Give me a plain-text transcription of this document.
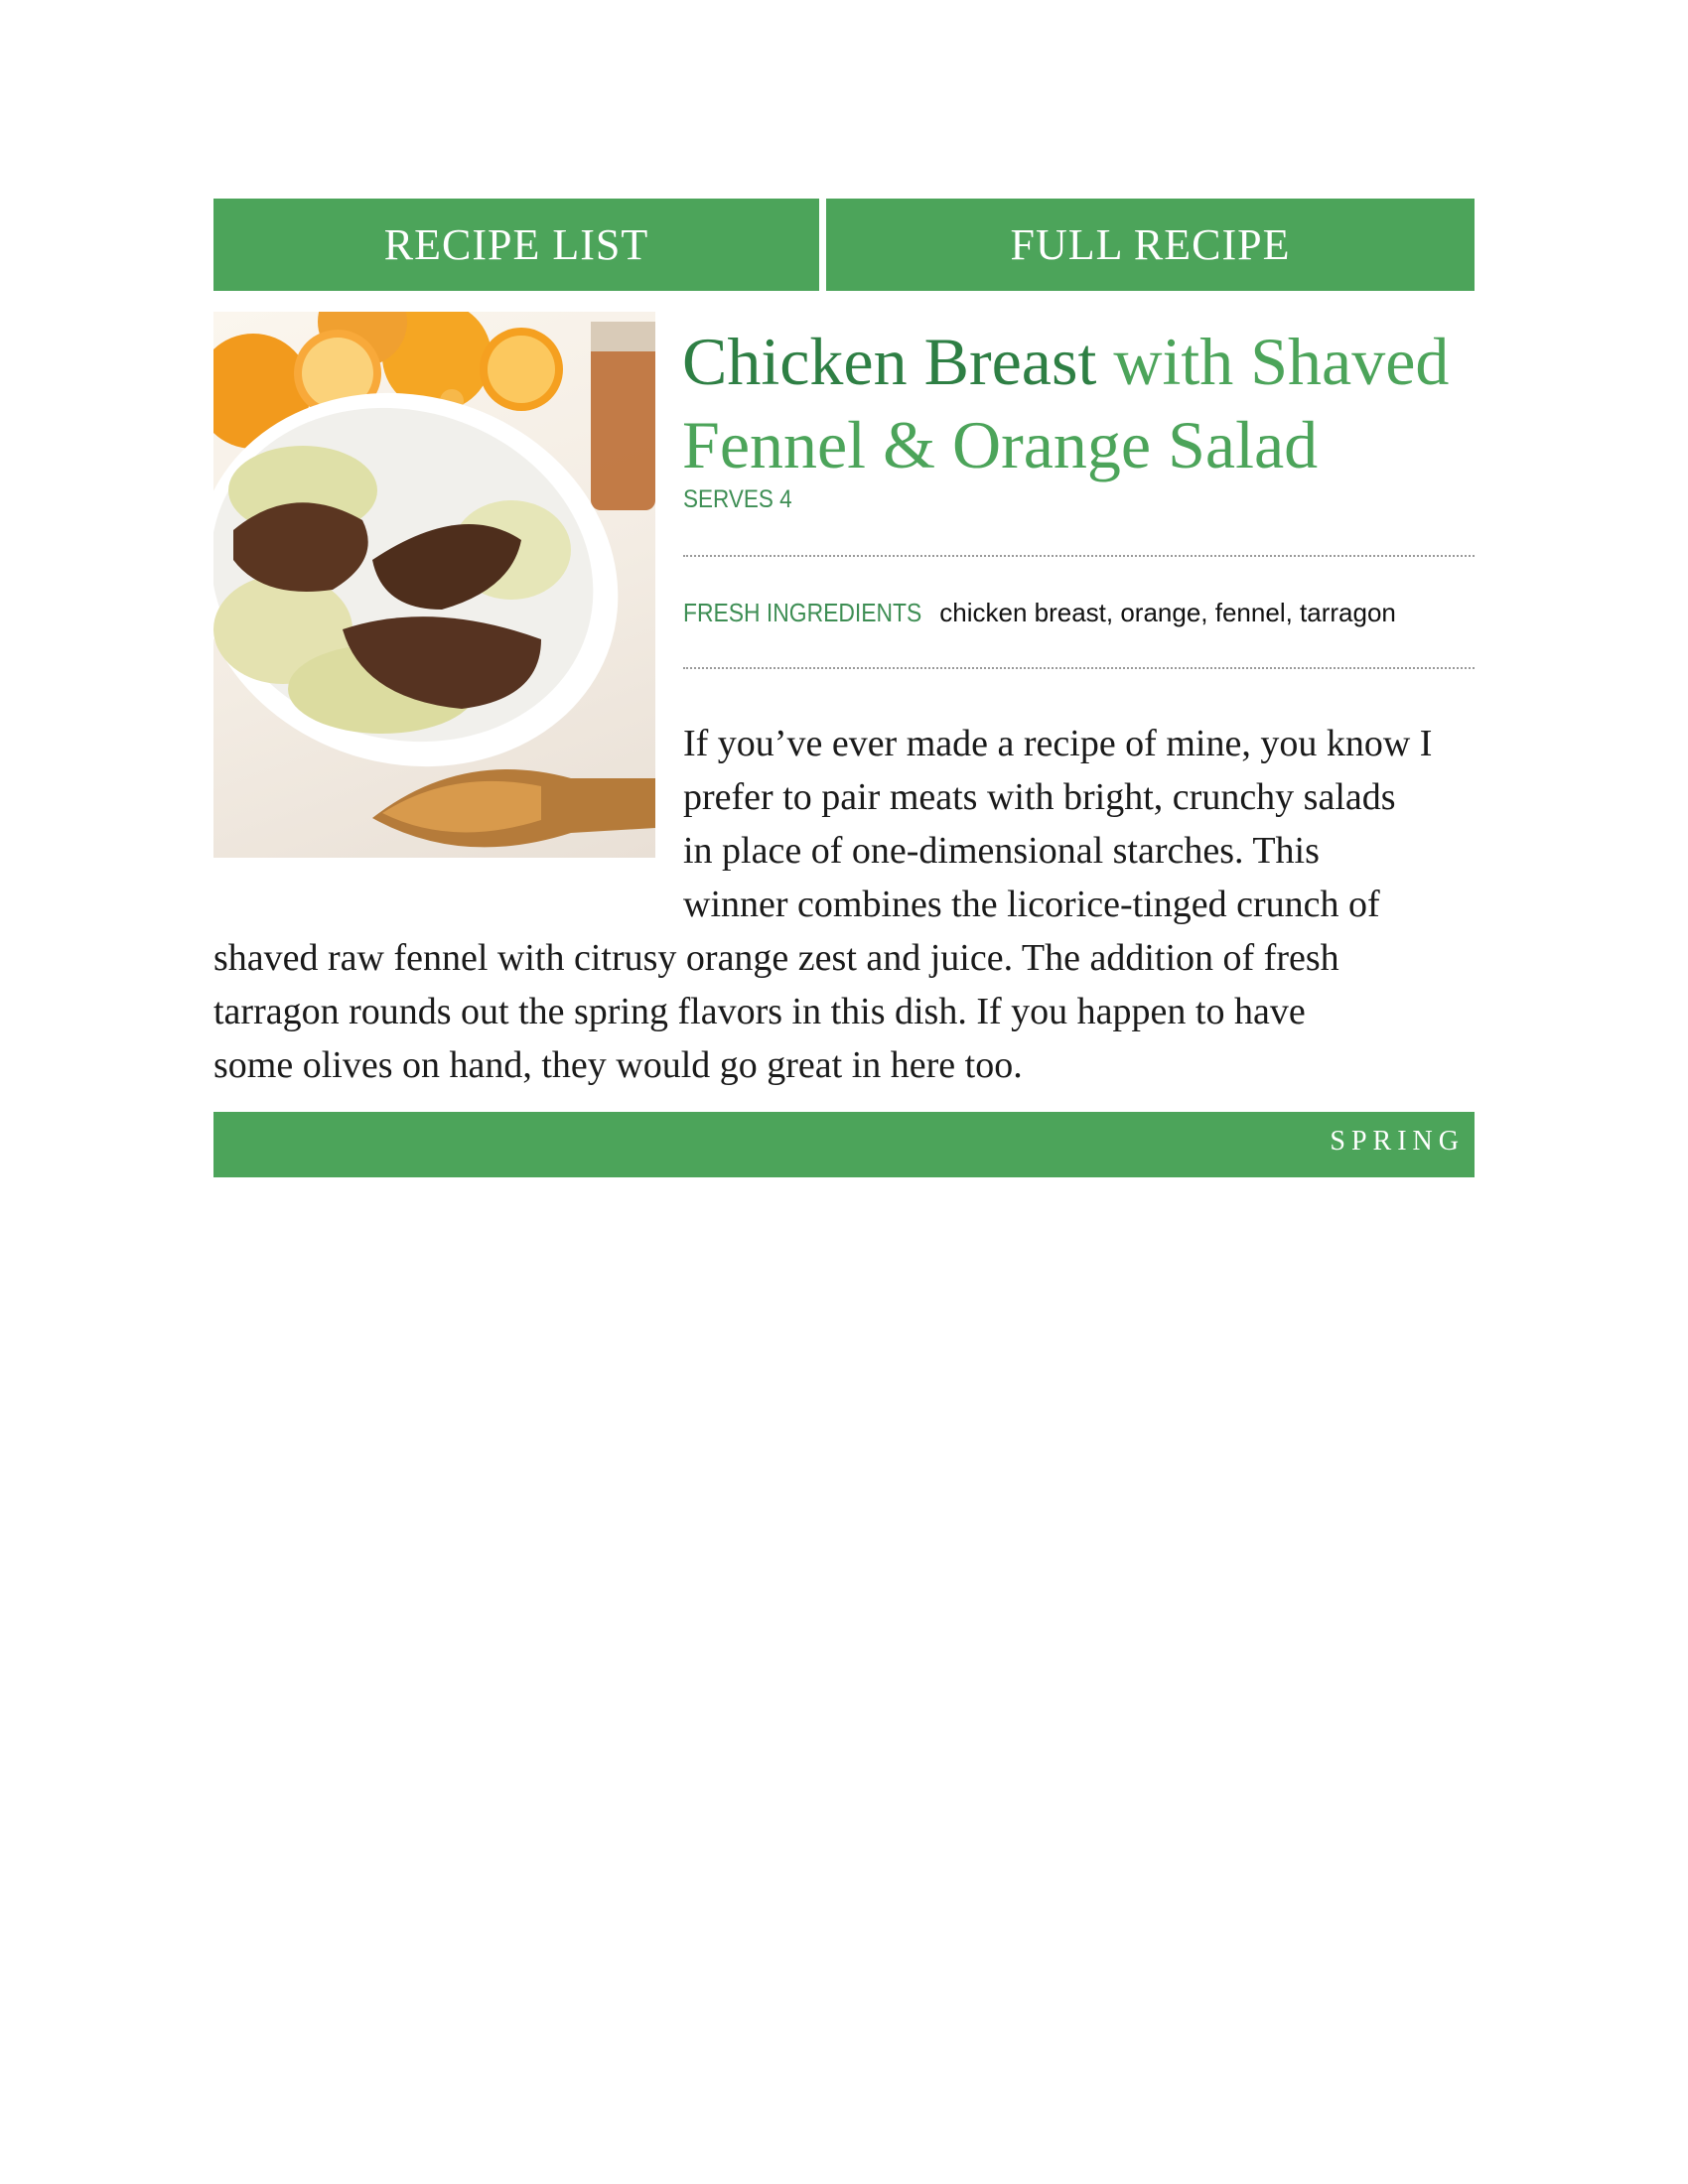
RECIPE LIST	FULL RECIPE
Chicken Breast with Shaved Fennel & Orange Salad
SERVES 4
FRESH INGREDIENTS chicken breast, orange, fennel, tarragon
If you’ve ever made a recipe of mine, you know I
prefer to pair meats with bright, crunchy salads
in place of one-dimensional starches. This
winner combines the licorice-tinged crunch of
shaved raw fennel with citrusy orange zest and juice. The addition of fresh
tarragon rounds out the spring flavors in this dish. If you happen to have
some olives on hand, they would go great in here too.
SPRING
